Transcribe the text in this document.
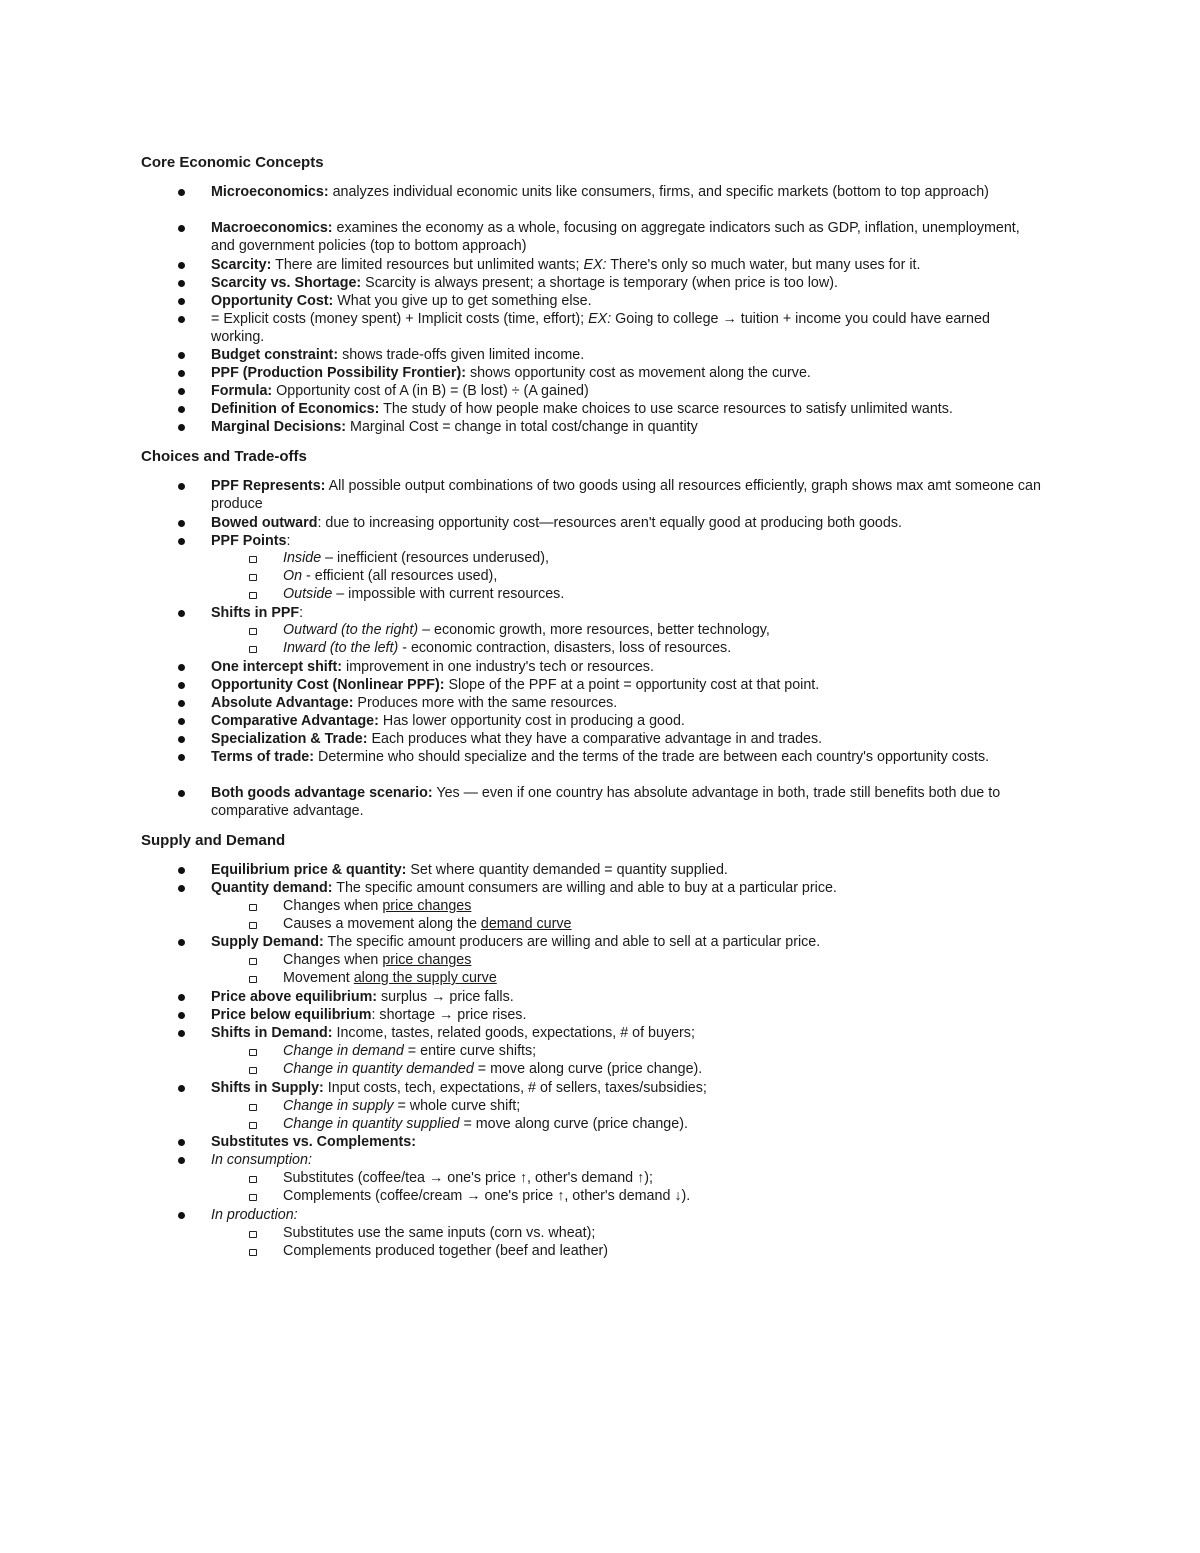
Core Economic Concepts
Microeconomics: analyzes individual economic units like consumers, firms, and specific markets (bottom to top approach)
Macroeconomics: examines the economy as a whole, focusing on aggregate indicators such as GDP, inflation, unemployment, and government policies (top to bottom approach)
Scarcity: There are limited resources but unlimited wants; EX: There's only so much water, but many uses for it.
Scarcity vs. Shortage: Scarcity is always present; a shortage is temporary (when price is too low).
Opportunity Cost: What you give up to get something else.
= Explicit costs (money spent) + Implicit costs (time, effort); EX: Going to college → tuition + income you could have earned working.
Budget constraint: shows trade-offs given limited income.
PPF (Production Possibility Frontier): shows opportunity cost as movement along the curve.
Formula: Opportunity cost of A (in B) = (B lost) ÷ (A gained)
Definition of Economics: The study of how people make choices to use scarce resources to satisfy unlimited wants.
Marginal Decisions: Marginal Cost = change in total cost/change in quantity
Choices and Trade-offs
PPF Represents: All possible output combinations of two goods using all resources efficiently, graph shows max amt someone can produce
Bowed outward: due to increasing opportunity cost—resources aren't equally good at producing both goods.
PPF Points:
Inside – inefficient (resources underused),
On - efficient (all resources used),
Outside – impossible with current resources.
Shifts in PPF:
Outward (to the right) – economic growth, more resources, better technology,
Inward (to the left) - economic contraction, disasters, loss of resources.
One intercept shift: improvement in one industry's tech or resources.
Opportunity Cost (Nonlinear PPF): Slope of the PPF at a point = opportunity cost at that point.
Absolute Advantage: Produces more with the same resources.
Comparative Advantage: Has lower opportunity cost in producing a good.
Specialization & Trade: Each produces what they have a comparative advantage in and trades.
Terms of trade: Determine who should specialize and the terms of the trade are between each country's opportunity costs.
Both goods advantage scenario: Yes — even if one country has absolute advantage in both, trade still benefits both due to comparative advantage.
Supply and Demand
Equilibrium price & quantity: Set where quantity demanded = quantity supplied.
Quantity demand: The specific amount consumers are willing and able to buy at a particular price.
Changes when price changes
Causes a movement along the demand curve
Supply Demand: The specific amount producers are willing and able to sell at a particular price.
Changes when price changes
Movement along the supply curve
Price above equilibrium: surplus → price falls.
Price below equilibrium: shortage → price rises.
Shifts in Demand: Income, tastes, related goods, expectations, # of buyers;
Change in demand = entire curve shifts;
Change in quantity demanded = move along curve (price change).
Shifts in Supply: Input costs, tech, expectations, # of sellers, taxes/subsidies;
Change in supply = whole curve shift;
Change in quantity supplied = move along curve (price change).
Substitutes vs. Complements:
In consumption:
Substitutes (coffee/tea → one's price ↑, other's demand ↑);
Complements (coffee/cream → one's price ↑, other's demand ↓).
In production:
Substitutes use the same inputs (corn vs. wheat);
Complements produced together (beef and leather)
